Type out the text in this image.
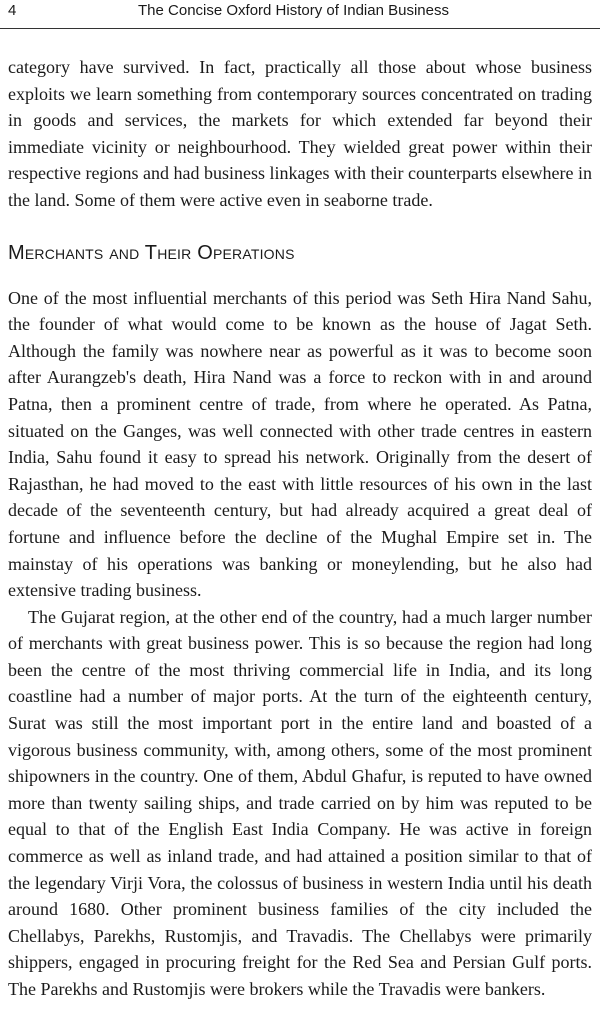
4	The Concise Oxford History of Indian Business

category have survived. In fact, practically all those about whose business exploits we learn something from contemporary sources concentrated on trading in goods and services, the markets for which extended far beyond their immediate vicinity or neighbourhood. They wielded great power within their respective regions and had business linkages with their counterparts elsewhere in the land. Some of them were active even in seaborne trade.

Merchants and Their Operations

One of the most influential merchants of this period was Seth Hira Nand Sahu, the founder of what would come to be known as the house of Jagat Seth. Although the family was nowhere near as powerful as it was to become soon after Aurangzeb's death, Hira Nand was a force to reckon with in and around Patna, then a prominent centre of trade, from where he operated. As Patna, situated on the Ganges, was well connected with other trade centres in eastern India, Sahu found it easy to spread his network. Originally from the desert of Rajasthan, he had moved to the east with little resources of his own in the last decade of the seventeenth century, but had already acquired a great deal of fortune and influence before the decline of the Mughal Empire set in. The mainstay of his operations was banking or moneylending, but he also had extensive trading business.

The Gujarat region, at the other end of the country, had a much larger number of merchants with great business power. This is so because the region had long been the centre of the most thriving commercial life in India, and its long coastline had a number of major ports. At the turn of the eighteenth century, Surat was still the most important port in the entire land and boasted of a vigorous business community, with, among others, some of the most prominent shipowners in the country. One of them, Abdul Ghafur, is reputed to have owned more than twenty sailing ships, and trade carried on by him was reputed to be equal to that of the English East India Company. He was active in foreign commerce as well as inland trade, and had attained a position similar to that of the legendary Virji Vora, the colossus of business in western India until his death around 1680. Other prominent business families of the city included the Chellabys, Parekhs, Rustomjis, and Travadis. The Chellabys were primarily shippers, engaged in procuring freight for the Red Sea and Persian Gulf ports. The Parekhs and Rustomjis were brokers while the Travadis were bankers.
